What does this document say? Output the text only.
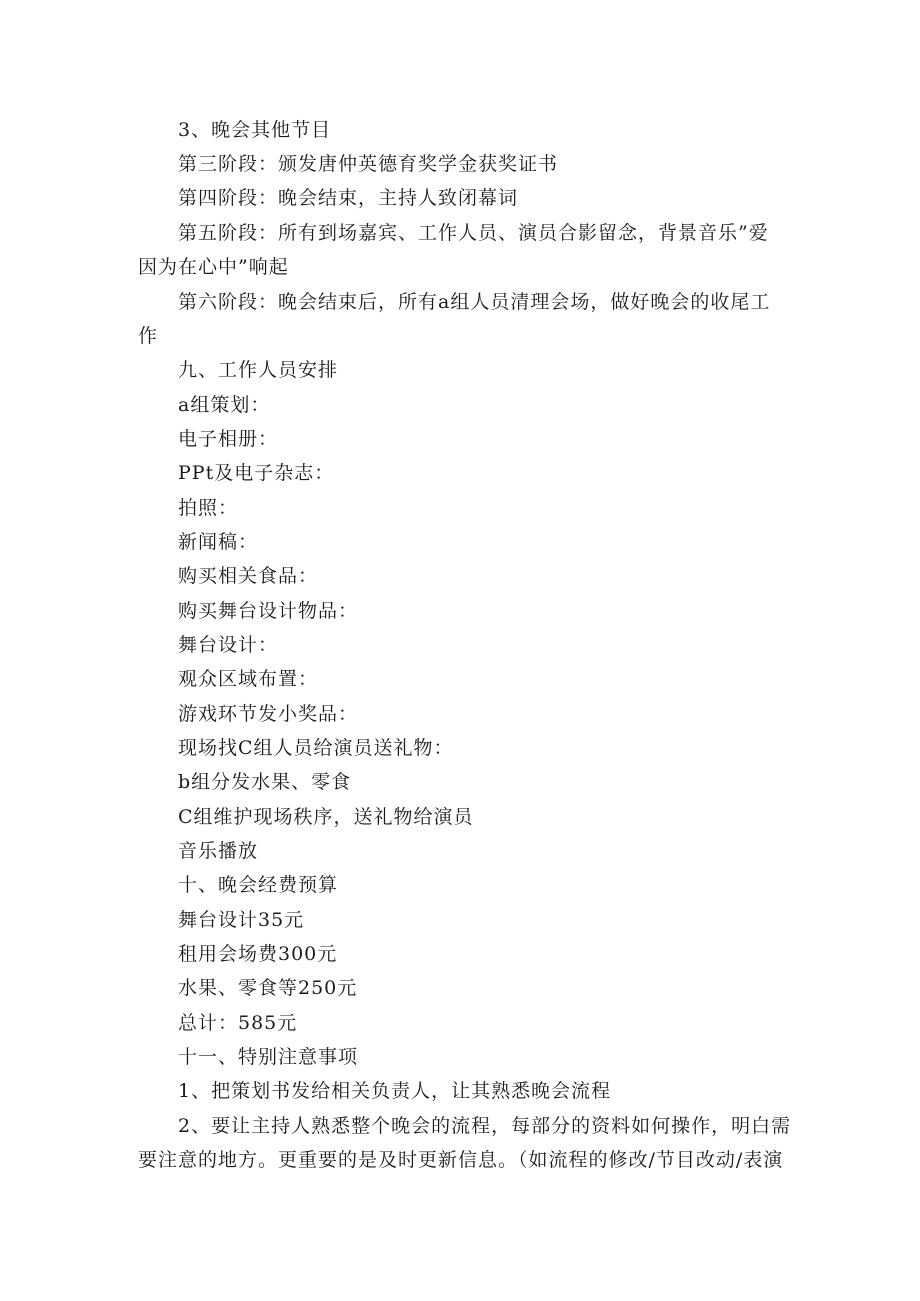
3、晚会其他节目
第三阶段：颁发唐仲英德育奖学金获奖证书
第四阶段：晚会结束，主持人致闭幕词
第五阶段：所有到场嘉宾、工作人员、演员合影留念，背景音乐”爱
因为在心中”响起
第六阶段：晚会结束后，所有a组人员清理会场，做好晚会的收尾工
作
九、工作人员安排
a组策划：
电子相册：
PPt及电子杂志：
拍照：
新闻稿：
购买相关食品：
购买舞台设计物品：
舞台设计：
观众区域布置：
游戏环节发小奖品：
现场找C组人员给演员送礼物：
b组分发水果、零食
C组维护现场秩序，送礼物给演员
音乐播放
十、晚会经费预算
舞台设计35元
租用会场费300元
水果、零食等250元
总计：585元
十一、特别注意事项
1、把策划书发给相关负责人，让其熟悉晚会流程
2、要让主持人熟悉整个晚会的流程，每部分的资料如何操作，明白需
要注意的地方。更重要的是及时更新信息。（如流程的修改/节目改动/表演
